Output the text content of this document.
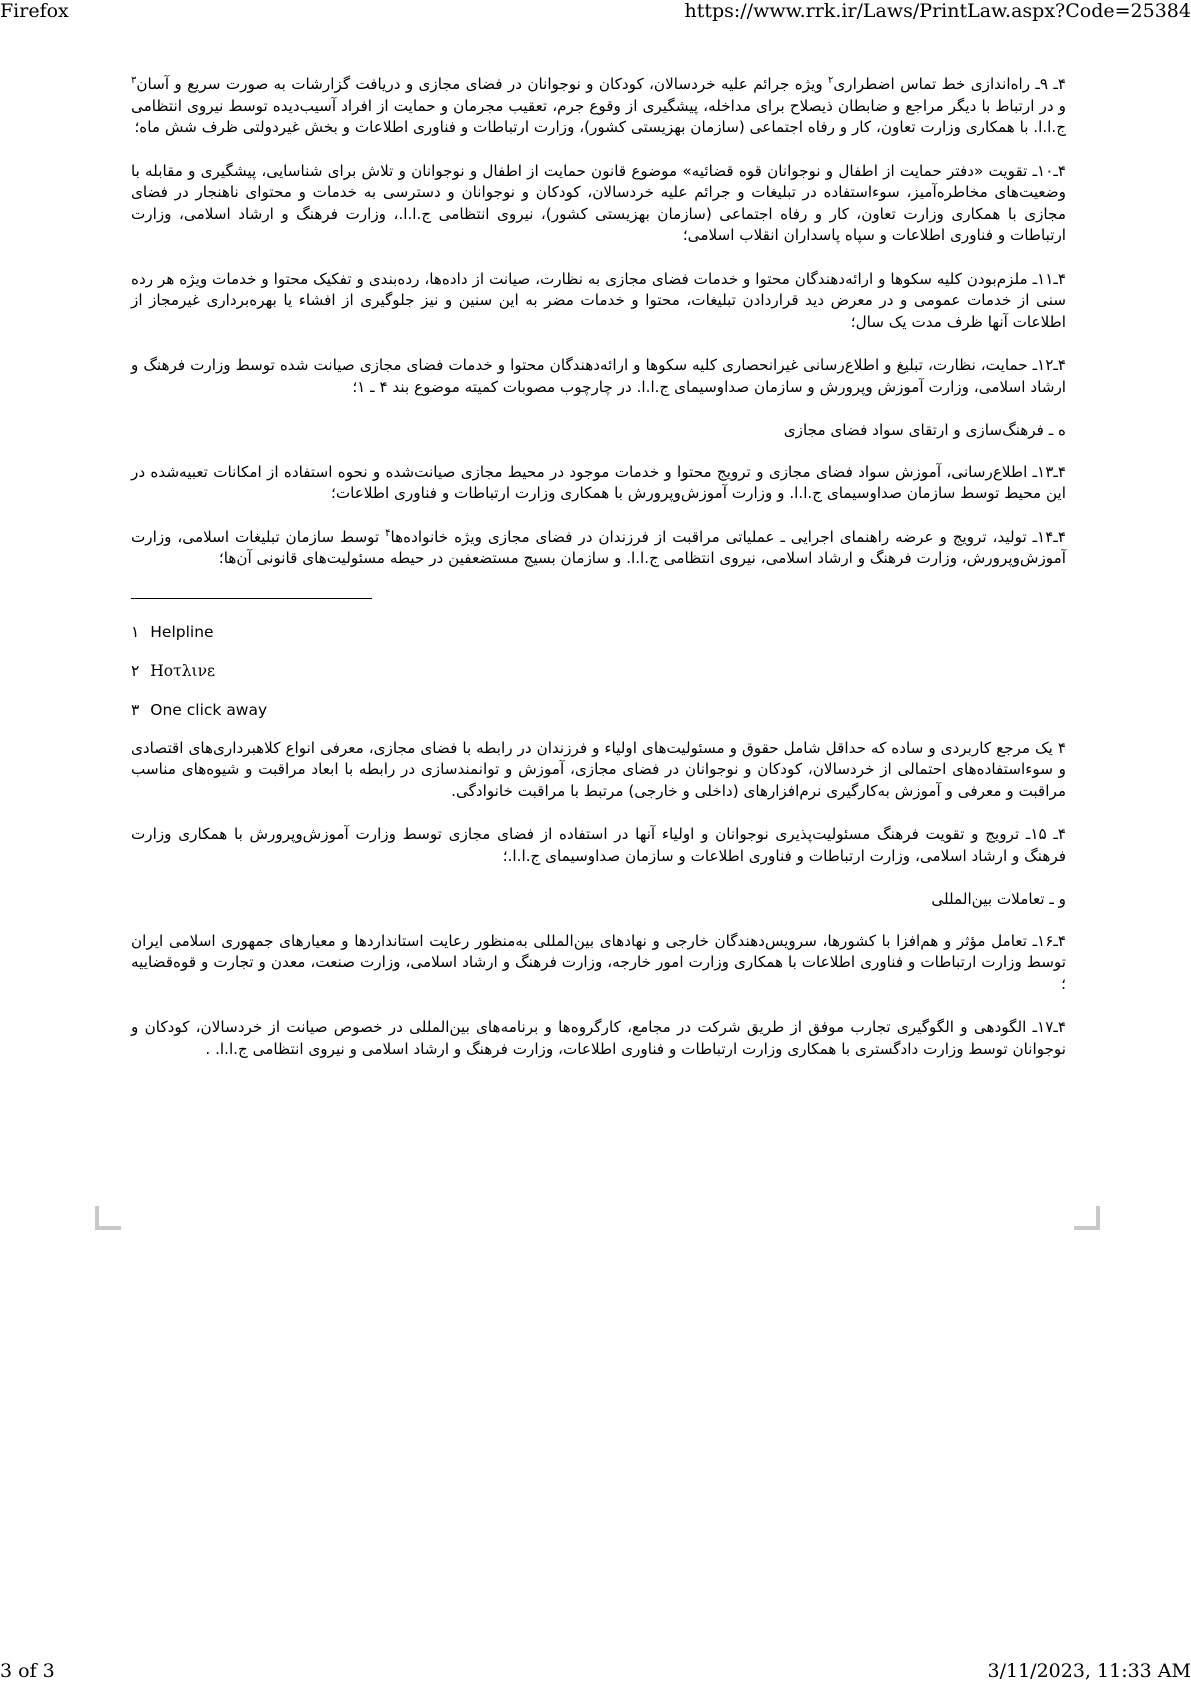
Firefox	https://www.rrk.ir/Laws/PrintLaw.aspx?Code=25384

۴ـ ۹ـ راه‌اندازی خط تماس اضطراری$^۲$ ویژه جرائم علیه خردسالان، کودکان و نوجوانان در فضای مجازی و دریافت گزارشات به صورت سریع و آسان$^۳$ و در ارتباط با دیگر مراجع و ضابطان ذیصلاح برای مداخله، پیشگیری از وقوع جرم، تعقیب مجرمان و حمایت از افراد آسیب‌دیده توسط نیروی انتظامی ج.ا.ا. با همکاری وزارت تعاون، کار و رفاه اجتماعی (سازمان بهزیستی کشور)، وزارت ارتباطات و فناوری اطلاعات و بخش غیردولتی ظرف شش ماه؛

۴ـ۱۰ـ تقویت «دفتر حمایت از اطفال و نوجوانان قوه قضائیه» موضوع قانون حمایت از اطفال و نوجوانان و تلاش برای شناسایی، پیشگیری و مقابله با وضعیت‌های مخاطره‌آمیز، سوءاستفاده در تبلیغات و جرائم علیه خردسالان، کودکان و نوجوانان و دسترسی به خدمات و محتوای ناهنجار در فضای مجازی با همکاری وزارت تعاون، کار و رفاه اجتماعی (سازمان بهزیستی کشور)، نیروی انتظامی ج.ا.ا.، وزارت فرهنگ و ارشاد اسلامی، وزارت ارتباطات و فناوری اطلاعات و سپاه پاسداران انقلاب اسلامی؛

۴ـ۱۱ـ ملزم‌بودن کلیه سکوها و ارائه‌دهندگان محتوا و خدمات فضای مجازی به نظارت، صیانت از داده‌ها، رده‌بندی و تفکیک محتوا و خدمات ویژه هر رده سنی از خدمات عمومی و در معرض دید قراردادن تبلیغات، محتوا و خدمات مضر به این سنین و نیز جلوگیری از افشاء یا بهره‌برداری غیرمجاز از اطلاعات آنها ظرف مدت یک سال؛

۴ـ۱۲ـ حمایت، نظارت، تبلیغ و اطلاع‌رسانی غیرانحصاری کلیه سکوها و ارائه‌دهندگان محتوا و خدمات فضای مجازی صیانت شده توسط وزارت فرهنگ و ارشاد اسلامی، وزارت آموزش وپرورش و سازمان صداوسیمای ج.ا.ا. در چارچوب مصوبات کمیته موضوع بند ۴ ـ ۱؛

ه ـ فرهنگ‌سازی و ارتقای سواد فضای مجازی

۴ـ۱۳ـ اطلاع‌رسانی، آموزش سواد فضای مجازی و ترویج محتوا و خدمات موجود در محیط مجازی صیانت‌شده و نحوه استفاده از امکانات تعبیه‌شده در این محیط توسط سازمان صداوسیمای ج.ا.ا. و وزارت آموزش‌وپرورش با همکاری وزارت ارتباطات و فناوری اطلاعات؛

۴ـ۱۴ـ تولید، ترویج و عرضه راهنمای اجرایی ـ عملیاتی مراقبت از فرزندان در فضای مجازی ویژه خانواده‌ها$^۴$ توسط سازمان تبلیغات اسلامی، وزارت آموزش‌وپرورش، وزارت فرهنگ و ارشاد اسلامی، نیروی انتظامی ج.ا.ا. و سازمان بسیج مستضعفین در حیطه مسئولیت‌های قانونی آن‌ها؛

۱ Helpline

۲ Ηοτλινε

۳ One click away

۴ یک مرجع کاربردی و ساده که حداقل شامل حقوق و مسئولیت‌های اولیاء و فرزندان در رابطه با فضای مجازی، معرفی انواع کلاهبرداری‌های اقتصادی و سوءاستفاده‌های احتمالی از خردسالان، کودکان و نوجوانان در فضای مجازی، آموزش و توانمندسازی در رابطه با ابعاد مراقبت و شیوه‌های مناسب مراقبت و معرفی و آموزش به‌کارگیری نرم‌افزارهای (داخلی و خارجی) مرتبط با مراقبت خانوادگی.

۴ـ ۱۵ـ ترویج و تقویت فرهنگ مسئولیت‌پذیری نوجوانان و اولیاء آنها در استفاده از فضای مجازی توسط وزارت آموزش‌وپرورش با همکاری وزارت فرهنگ و ارشاد اسلامی، وزارت ارتباطات و فناوری اطلاعات و سازمان صداوسیمای ج.ا.ا.؛

و ـ تعاملات بین‌المللی

۴ـ۱۶ـ تعامل مؤثر و هم‌افزا با کشورها، سرویس‌دهندگان خارجی و نهادهای بین‌المللی به‌منظور رعایت استانداردها و معیارهای جمهوری اسلامی ایران توسط وزارت ارتباطات و فناوری اطلاعات با همکاری وزارت امور خارجه، وزارت فرهنگ و ارشاد اسلامی، وزارت صنعت، معدن و تجارت و قوه‌قضاییه ؛

۴ـ۱۷ـ الگودهی و الگوگیری تجارب موفق از طریق شرکت در مجامع، کارگروه‌ها و برنامه‌های بین‌المللی در خصوص صیانت از خردسالان، کودکان و نوجوانان توسط وزارت دادگستری با همکاری وزارت ارتباطات و فناوری اطلاعات، وزارت فرهنگ و ارشاد اسلامی و نیروی انتظامی ج.ا.ا. .

3 of 3	3/11/2023, 11:33 AM
